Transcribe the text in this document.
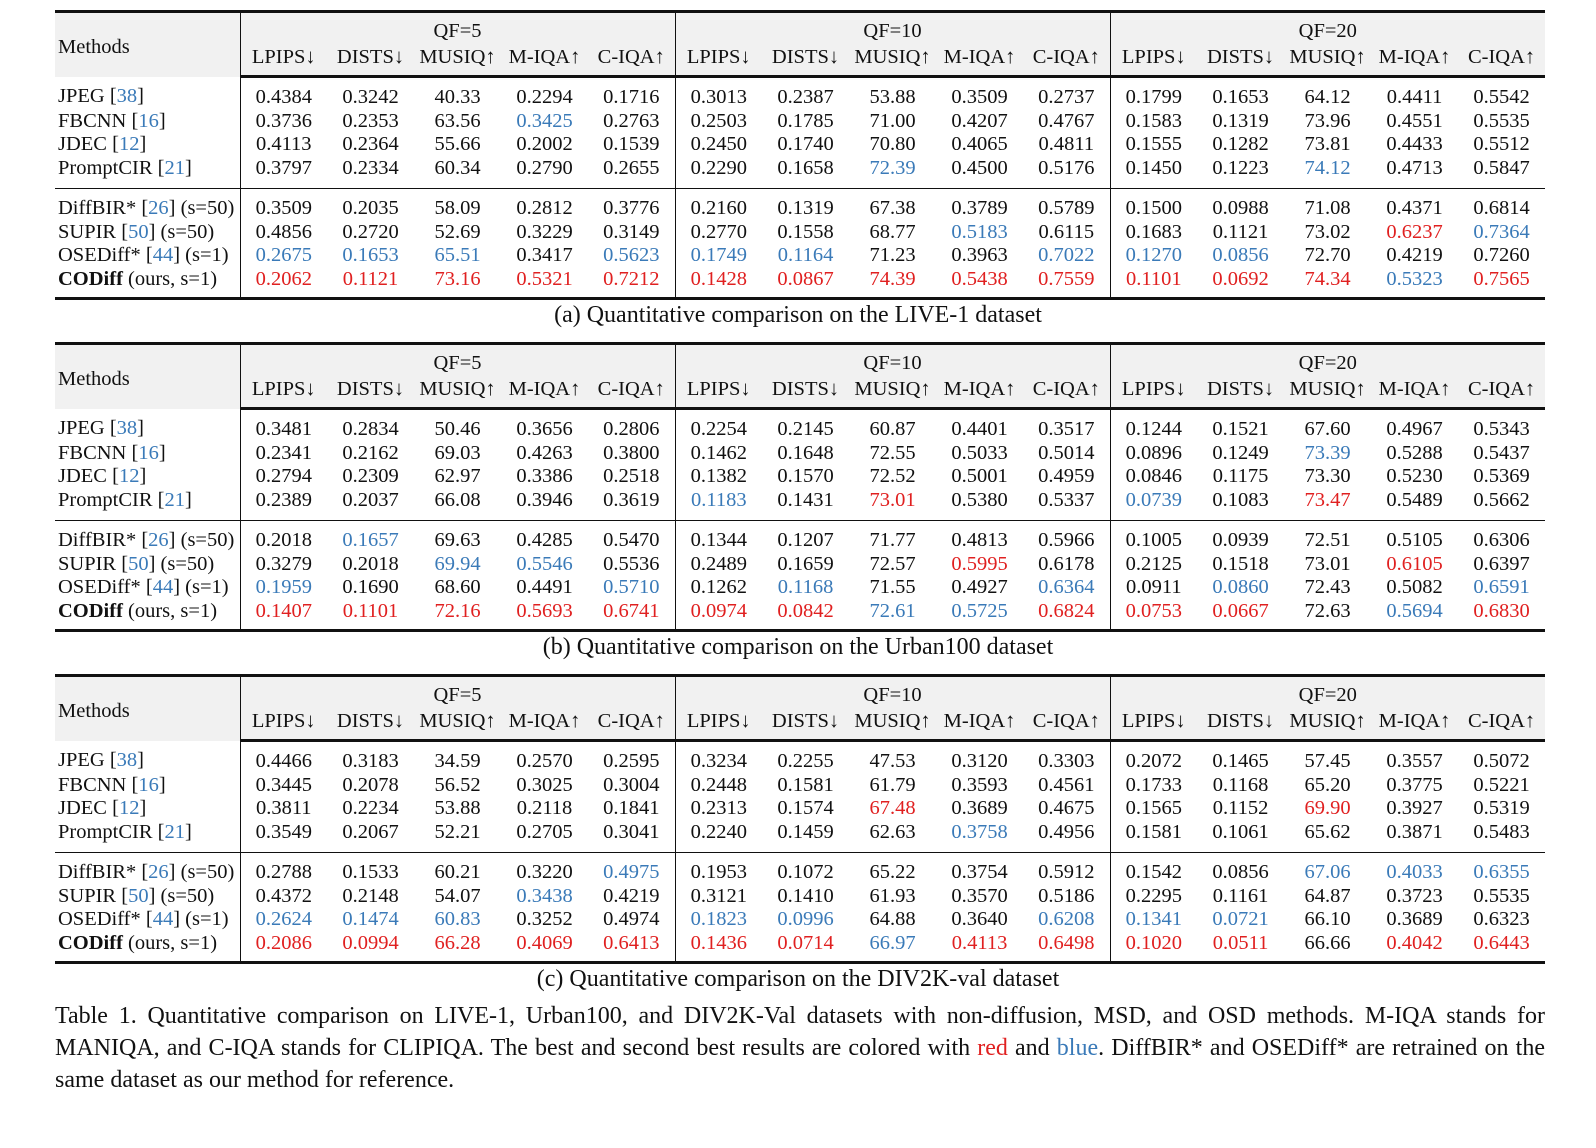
Methods	QF=5					QF=10					QF=20				
	LPIPS↓	DISTS↓	MUSIQ↑	M-IQA↑	C-IQA↑	LPIPS↓	DISTS↓	MUSIQ↑	M-IQA↑	C-IQA↑	LPIPS↓	DISTS↓	MUSIQ↑	M-IQA↑	C-IQA↑
JPEG [38]	0.4384	0.3242	40.33	0.2294	0.1716	0.3013	0.2387	53.88	0.3509	0.2737	0.1799	0.1653	64.12	0.4411	0.5542
FBCNN [16]	0.3736	0.2353	63.56	0.3425	0.2763	0.2503	0.1785	71.00	0.4207	0.4767	0.1583	0.1319	73.96	0.4551	0.5535
JDEC [12]	0.4113	0.2364	55.66	0.2002	0.1539	0.2450	0.1740	70.80	0.4065	0.4811	0.1555	0.1282	73.81	0.4433	0.5512
PromptCIR [21]	0.3797	0.2334	60.34	0.2790	0.2655	0.2290	0.1658	72.39	0.4500	0.5176	0.1450	0.1223	74.12	0.4713	0.5847
DiffBIR* [26] (s=50)	0.3509	0.2035	58.09	0.2812	0.3776	0.2160	0.1319	67.38	0.3789	0.5789	0.1500	0.0988	71.08	0.4371	0.6814
SUPIR [50] (s=50)	0.4856	0.2720	52.69	0.3229	0.3149	0.2770	0.1558	68.77	0.5183	0.6115	0.1683	0.1121	73.02	0.6237	0.7364
OSEDiff* [44] (s=1)	0.2675	0.1653	65.51	0.3417	0.5623	0.1749	0.1164	71.23	0.3963	0.7022	0.1270	0.0856	72.70	0.4219	0.7260
CODiff (ours, s=1)	0.2062	0.1121	73.16	0.5321	0.7212	0.1428	0.0867	74.39	0.5438	0.7559	0.1101	0.0692	74.34	0.5323	0.7565
(a) Quantitative comparison on the LIVE-1 dataset
Methods	QF=5					QF=10					QF=20				
	LPIPS↓	DISTS↓	MUSIQ↑	M-IQA↑	C-IQA↑	LPIPS↓	DISTS↓	MUSIQ↑	M-IQA↑	C-IQA↑	LPIPS↓	DISTS↓	MUSIQ↑	M-IQA↑	C-IQA↑
JPEG [38]	0.3481	0.2834	50.46	0.3656	0.2806	0.2254	0.2145	60.87	0.4401	0.3517	0.1244	0.1521	67.60	0.4967	0.5343
FBCNN [16]	0.2341	0.2162	69.03	0.4263	0.3800	0.1462	0.1648	72.55	0.5033	0.5014	0.0896	0.1249	73.39	0.5288	0.5437
JDEC [12]	0.2794	0.2309	62.97	0.3386	0.2518	0.1382	0.1570	72.52	0.5001	0.4959	0.0846	0.1175	73.30	0.5230	0.5369
PromptCIR [21]	0.2389	0.2037	66.08	0.3946	0.3619	0.1183	0.1431	73.01	0.5380	0.5337	0.0739	0.1083	73.47	0.5489	0.5662
DiffBIR* [26] (s=50)	0.2018	0.1657	69.63	0.4285	0.5470	0.1344	0.1207	71.77	0.4813	0.5966	0.1005	0.0939	72.51	0.5105	0.6306
SUPIR [50] (s=50)	0.3279	0.2018	69.94	0.5546	0.5536	0.2489	0.1659	72.57	0.5995	0.6178	0.2125	0.1518	73.01	0.6105	0.6397
OSEDiff* [44] (s=1)	0.1959	0.1690	68.60	0.4491	0.5710	0.1262	0.1168	71.55	0.4927	0.6364	0.0911	0.0860	72.43	0.5082	0.6591
CODiff (ours, s=1)	0.1407	0.1101	72.16	0.5693	0.6741	0.0974	0.0842	72.61	0.5725	0.6824	0.0753	0.0667	72.63	0.5694	0.6830
(b) Quantitative comparison on the Urban100 dataset
Methods	QF=5					QF=10					QF=20				
	LPIPS↓	DISTS↓	MUSIQ↑	M-IQA↑	C-IQA↑	LPIPS↓	DISTS↓	MUSIQ↑	M-IQA↑	C-IQA↑	LPIPS↓	DISTS↓	MUSIQ↑	M-IQA↑	C-IQA↑
JPEG [38]	0.4466	0.3183	34.59	0.2570	0.2595	0.3234	0.2255	47.53	0.3120	0.3303	0.2072	0.1465	57.45	0.3557	0.5072
FBCNN [16]	0.3445	0.2078	56.52	0.3025	0.3004	0.2448	0.1581	61.79	0.3593	0.4561	0.1733	0.1168	65.20	0.3775	0.5221
JDEC [12]	0.3811	0.2234	53.88	0.2118	0.1841	0.2313	0.1574	67.48	0.3689	0.4675	0.1565	0.1152	69.90	0.3927	0.5319
PromptCIR [21]	0.3549	0.2067	52.21	0.2705	0.3041	0.2240	0.1459	62.63	0.3758	0.4956	0.1581	0.1061	65.62	0.3871	0.5483
DiffBIR* [26] (s=50)	0.2788	0.1533	60.21	0.3220	0.4975	0.1953	0.1072	65.22	0.3754	0.5912	0.1542	0.0856	67.06	0.4033	0.6355
SUPIR [50] (s=50)	0.4372	0.2148	54.07	0.3438	0.4219	0.3121	0.1410	61.93	0.3570	0.5186	0.2295	0.1161	64.87	0.3723	0.5535
OSEDiff* [44] (s=1)	0.2624	0.1474	60.83	0.3252	0.4974	0.1823	0.0996	64.88	0.3640	0.6208	0.1341	0.0721	66.10	0.3689	0.6323
CODiff (ours, s=1)	0.2086	0.0994	66.28	0.4069	0.6413	0.1436	0.0714	66.97	0.4113	0.6498	0.1020	0.0511	66.66	0.4042	0.6443
(c) Quantitative comparison on the DIV2K-val dataset

Table 1. Quantitative comparison on LIVE-1, Urban100, and DIV2K-Val datasets with non-diffusion, MSD, and OSD methods. M-IQA stands for MANIQA, and C-IQA stands for CLIPIQA. The best and second best results are colored with red and blue. DiffBIR* and OSEDiff* are retrained on the same dataset as our method for reference.
